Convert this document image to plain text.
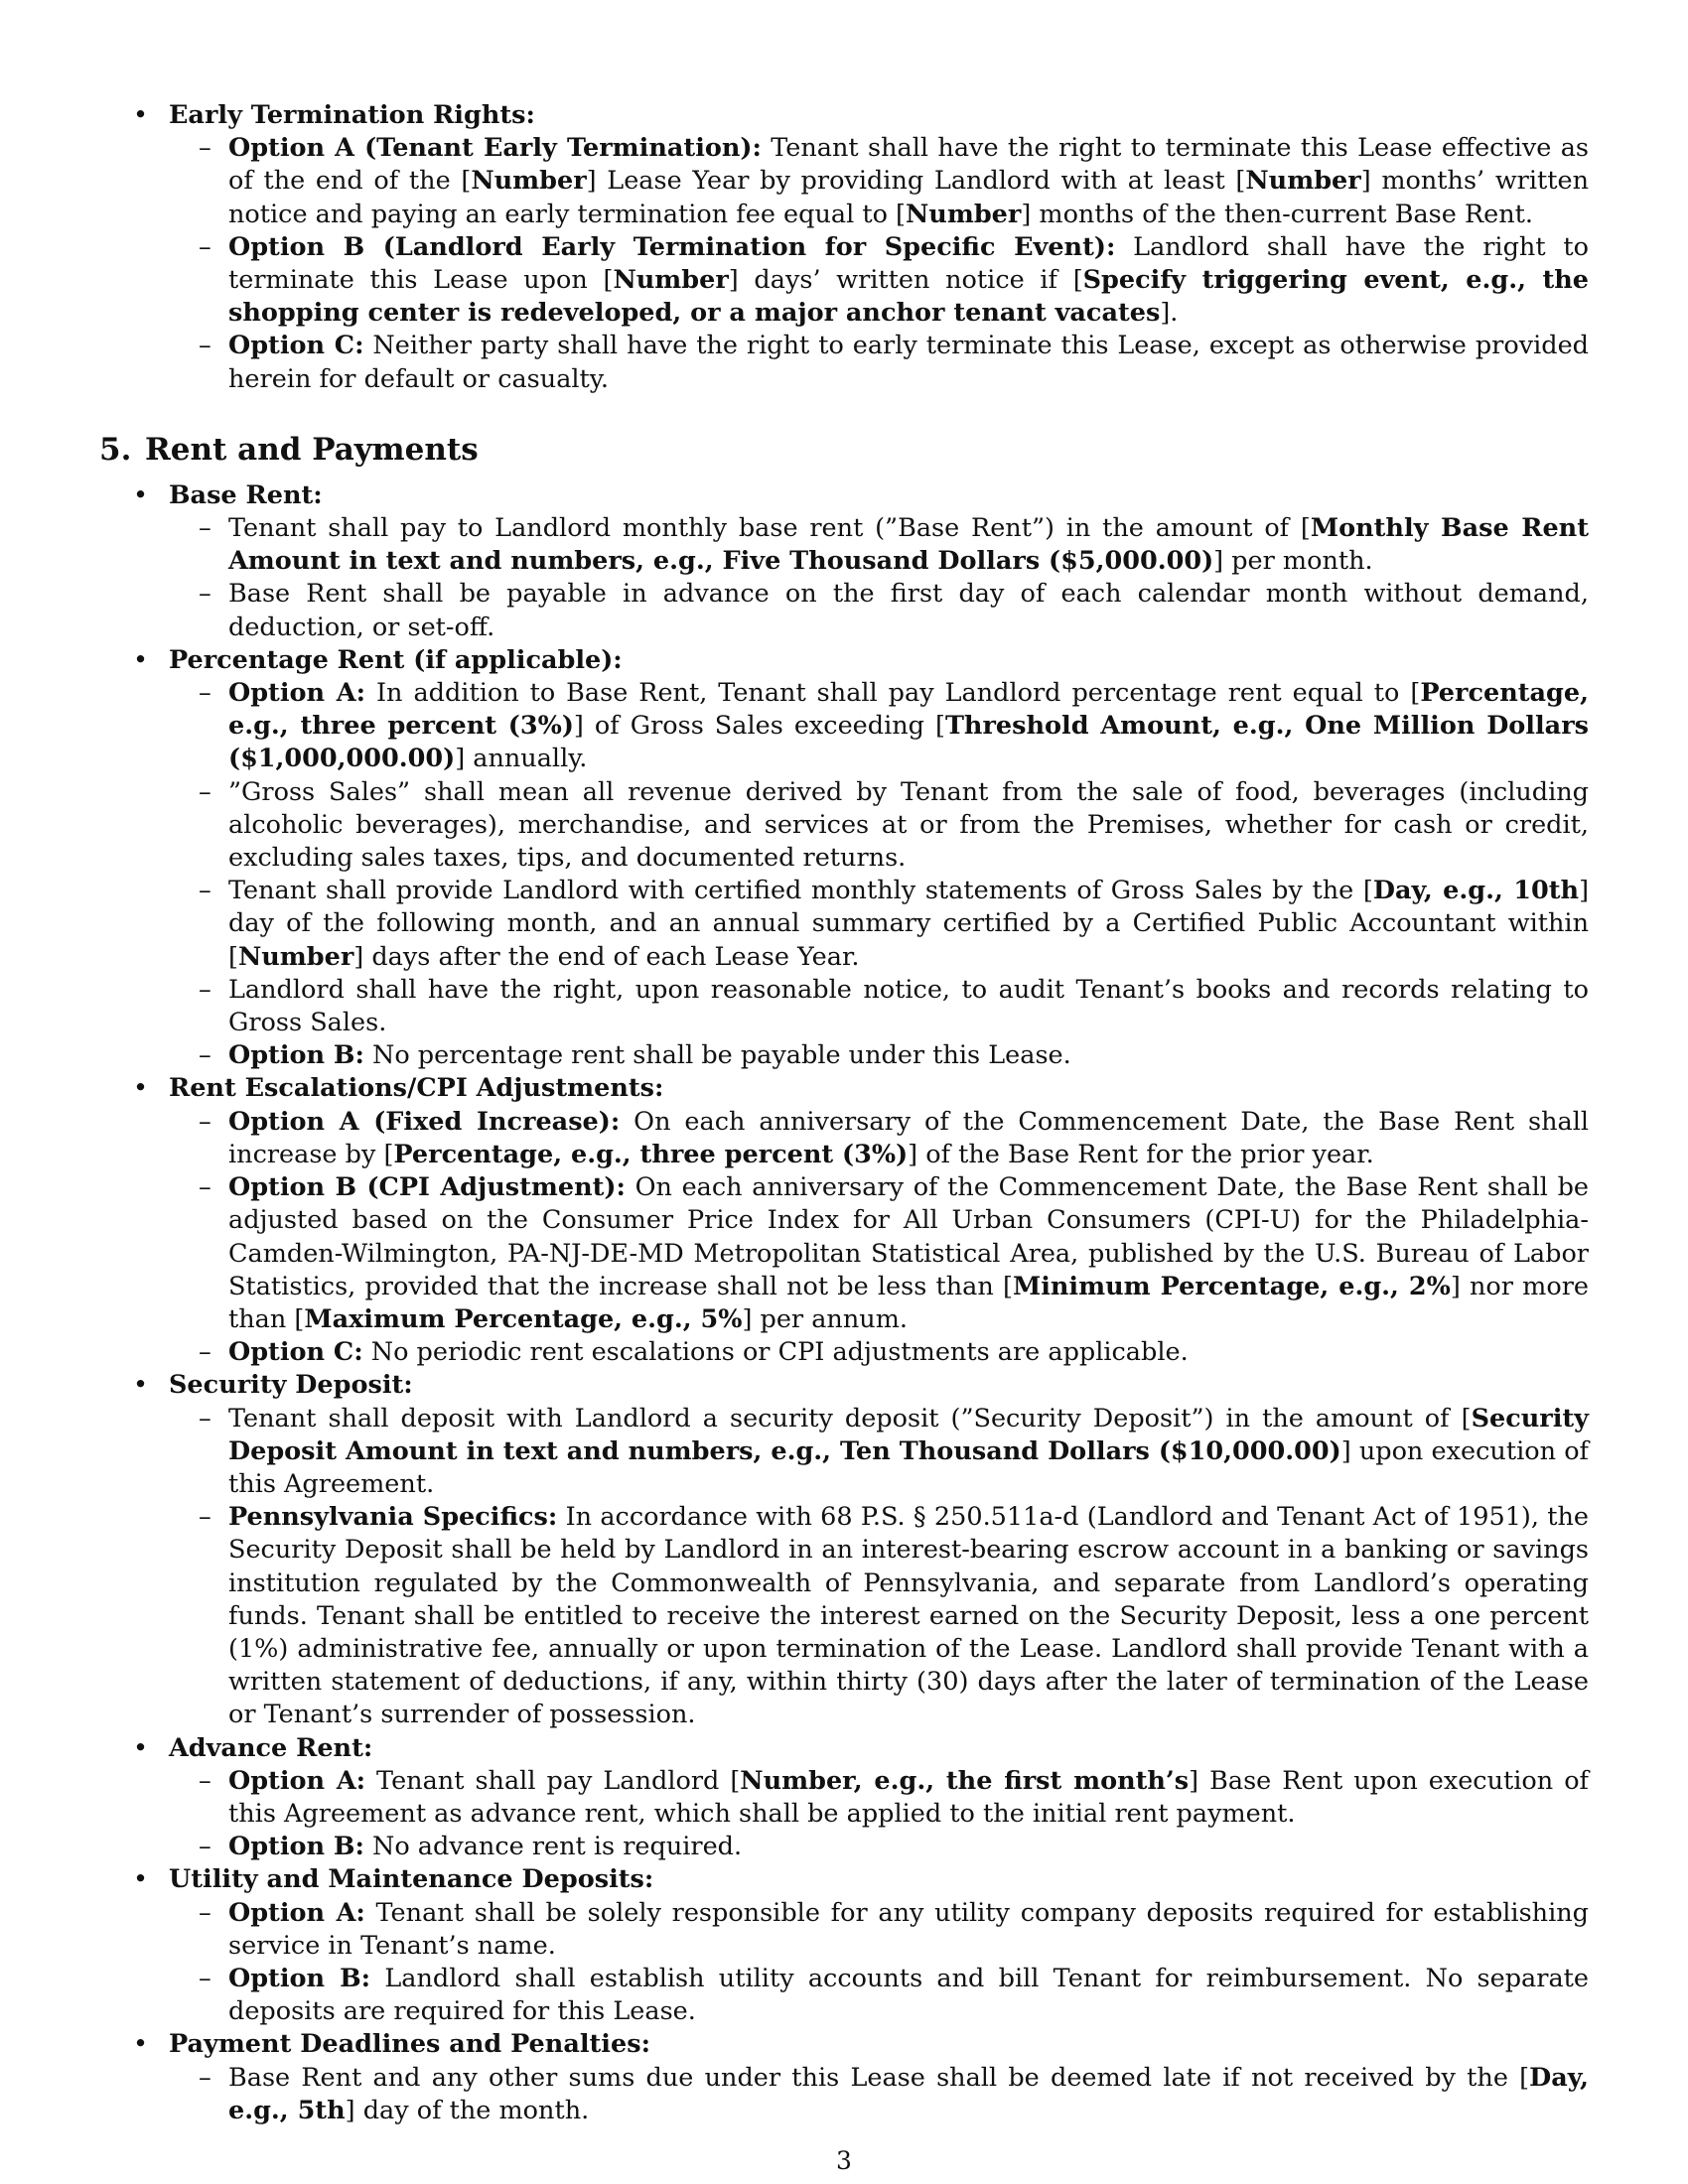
• Early Termination Rights:
– Option A (Tenant Early Termination): Tenant shall have the right to terminate this Lease effective as of the end of the [Number] Lease Year by providing Landlord with at least [Number] months’ written notice and paying an early termination fee equal to [Number] months of the then-current Base Rent.
– Option B (Landlord Early Termination for Specific Event): Landlord shall have the right to terminate this Lease upon [Number] days’ written notice if [Specify triggering event, e.g., the shopping center is redeveloped, or a major anchor tenant vacates].
– Option C: Neither party shall have the right to early terminate this Lease, except as otherwise provided herein for default or casualty.
5. Rent and Payments
• Base Rent:
– Tenant shall pay to Landlord monthly base rent (”Base Rent”) in the amount of [Monthly Base Rent Amount in text and numbers, e.g., Five Thousand Dollars ($5,000.00)] per month.
– Base Rent shall be payable in advance on the first day of each calendar month without demand, deduction, or set-off.
• Percentage Rent (if applicable):
– Option A: In addition to Base Rent, Tenant shall pay Landlord percentage rent equal to [Percentage, e.g., three percent (3%)] of Gross Sales exceeding [Threshold Amount, e.g., One Million Dollars ($1,000,000.00)] annually.
– ”Gross Sales” shall mean all revenue derived by Tenant from the sale of food, beverages (including alcoholic beverages), merchandise, and services at or from the Premises, whether for cash or credit, excluding sales taxes, tips, and documented returns.
– Tenant shall provide Landlord with certified monthly statements of Gross Sales by the [Day, e.g., 10th] day of the following month, and an annual summary certified by a Certified Public Accountant within [Number] days after the end of each Lease Year.
– Landlord shall have the right, upon reasonable notice, to audit Tenant’s books and records relating to Gross Sales.
– Option B: No percentage rent shall be payable under this Lease.
• Rent Escalations/CPI Adjustments:
– Option A (Fixed Increase): On each anniversary of the Commencement Date, the Base Rent shall increase by [Percentage, e.g., three percent (3%)] of the Base Rent for the prior year.
– Option B (CPI Adjustment): On each anniversary of the Commencement Date, the Base Rent shall be adjusted based on the Consumer Price Index for All Urban Consumers (CPI-U) for the Philadelphia-Camden-Wilmington, PA-NJ-DE-MD Metropolitan Statistical Area, published by the U.S. Bureau of Labor Statistics, provided that the increase shall not be less than [Minimum Percentage, e.g., 2%] nor more than [Maximum Percentage, e.g., 5%] per annum.
– Option C: No periodic rent escalations or CPI adjustments are applicable.
• Security Deposit:
– Tenant shall deposit with Landlord a security deposit (”Security Deposit”) in the amount of [Security Deposit Amount in text and numbers, e.g., Ten Thousand Dollars ($10,000.00)] upon execution of this Agreement.
– Pennsylvania Specifics: In accordance with 68 P.S. § 250.511a-d (Landlord and Tenant Act of 1951), the Security Deposit shall be held by Landlord in an interest-bearing escrow account in a banking or savings institution regulated by the Commonwealth of Pennsylvania, and separate from Landlord’s operating funds. Tenant shall be entitled to receive the interest earned on the Security Deposit, less a one percent (1%) administrative fee, annually or upon termination of the Lease. Landlord shall provide Tenant with a written statement of deductions, if any, within thirty (30) days after the later of termination of the Lease or Tenant’s surrender of possession.
• Advance Rent:
– Option A: Tenant shall pay Landlord [Number, e.g., the first month’s] Base Rent upon execution of this Agreement as advance rent, which shall be applied to the initial rent payment.
– Option B: No advance rent is required.
• Utility and Maintenance Deposits:
– Option A: Tenant shall be solely responsible for any utility company deposits required for establishing service in Tenant’s name.
– Option B: Landlord shall establish utility accounts and bill Tenant for reimbursement. No separate deposits are required for this Lease.
• Payment Deadlines and Penalties:
– Base Rent and any other sums due under this Lease shall be deemed late if not received by the [Day, e.g., 5th] day of the month.
3
